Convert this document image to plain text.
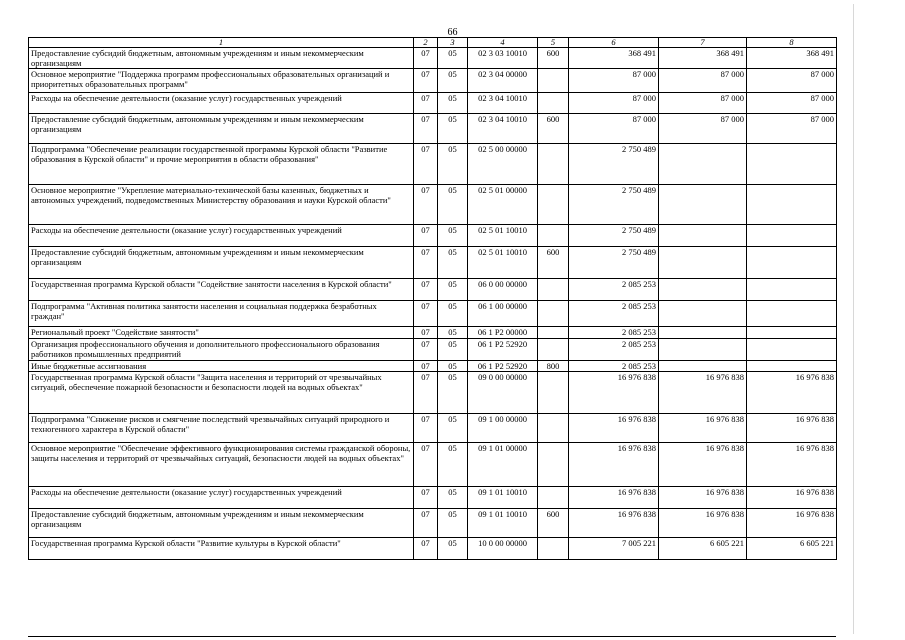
66
1	2	3	4	5	6	7	8
Предоставление субсидий бюджетным, автономным учреждениям и иным некоммерческим организациям	07	05	02 3 03 10010	600	368 491	368 491	368 491
Основное мероприятие "Поддержка программ профессиональных образовательных организаций и приоритетных образовательных программ"	07	05	02 3 04 00000		87 000	87 000	87 000
Расходы на обеспечение деятельности (оказание услуг) государственных учреждений	07	05	02 3 04 10010		87 000	87 000	87 000
Предоставление субсидий бюджетным, автономным учреждениям и иным некоммерческим организациям	07	05	02 3 04 10010	600	87 000	87 000	87 000
Подпрограмма "Обеспечение реализации государственной программы Курской области "Развитие образования в Курской области" и прочие мероприятия в области образования"	07	05	02 5 00 00000		2 750 489		
Основное мероприятие "Укрепление материально-технической базы казенных, бюджетных и автономных учреждений, подведомственных Министерству образования и науки Курской области"	07	05	02 5 01 00000		2 750 489		
Расходы на обеспечение деятельности (оказание услуг) государственных учреждений	07	05	02 5 01 10010		2 750 489		
Предоставление субсидий бюджетным, автономным учреждениям и иным некоммерческим организациям	07	05	02 5 01 10010	600	2 750 489		
Государственная программа Курской области "Содействие занятости населения в Курской области"	07	05	06 0 00 00000		2 085 253		
Подпрограмма "Активная политика занятости населения и социальная поддержка безработных граждан"	07	05	06 1 00 00000		2 085 253		
Региональный проект "Содействие занятости"	07	05	06 1 P2 00000		2 085 253		
Организация профессионального обучения и дополнительного профессионального образования работников промышленных предприятий	07	05	06 1 P2 52920		2 085 253		
Иные бюджетные ассигнования	07	05	06 1 P2 52920	800	2 085 253		
Государственная программа Курской области "Защита населения и территорий от чрезвычайных ситуаций, обеспечение пожарной безопасности и безопасности людей на водных объектах"	07	05	09 0 00 00000		16 976 838	16 976 838	16 976 838
Подпрограмма "Снижение рисков и смягчение последствий чрезвычайных ситуаций природного и техногенного характера в Курской области"	07	05	09 1 00 00000		16 976 838	16 976 838	16 976 838
Основное мероприятие "Обеспечение эффективного функционирования системы гражданской обороны, защиты населения и территорий от чрезвычайных ситуаций, безопасности людей на водных объектах"	07	05	09 1 01 00000		16 976 838	16 976 838	16 976 838
Расходы на обеспечение деятельности (оказание услуг) государственных учреждений	07	05	09 1 01 10010		16 976 838	16 976 838	16 976 838
Предоставление субсидий бюджетным, автономным учреждениям и иным некоммерческим организациям	07	05	09 1 01 10010	600	16 976 838	16 976 838	16 976 838
Государственная программа Курской области "Развитие культуры в Курской области"	07	05	10 0 00 00000		7 005 221	6 605 221	6 605 221
